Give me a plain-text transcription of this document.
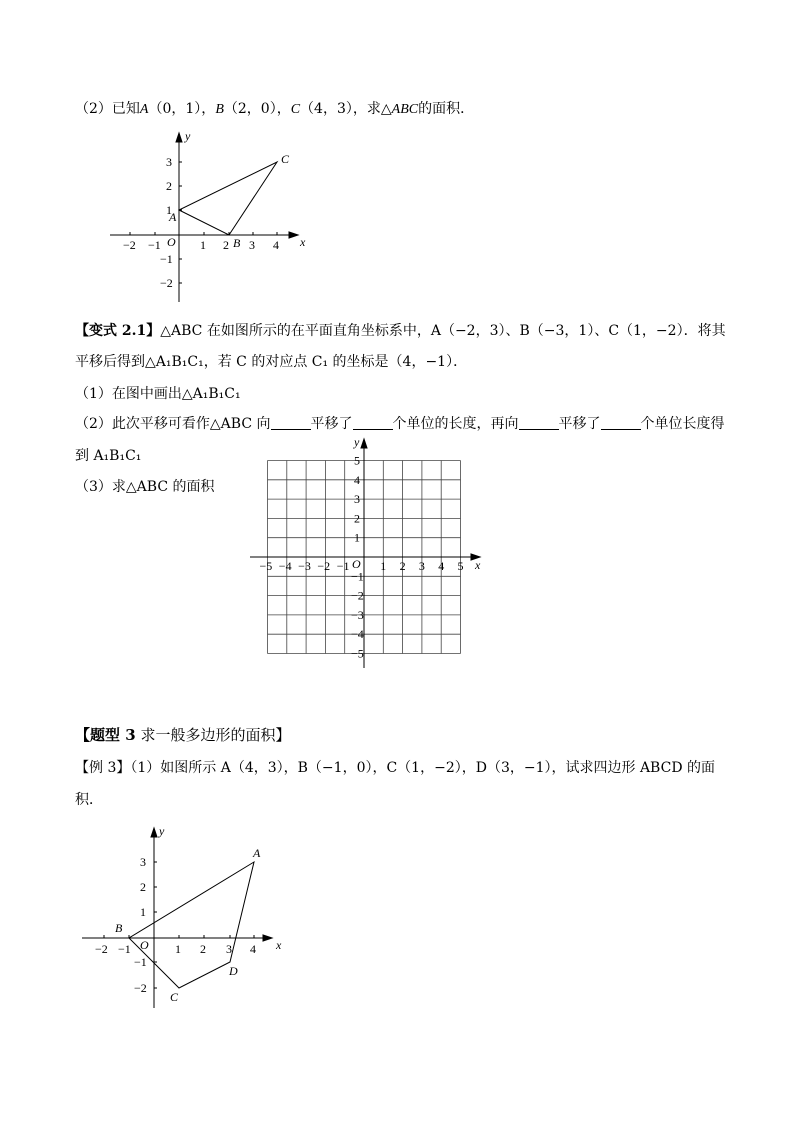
（2）已知A（0，1），B（2，0），C（4，3），求△ABC的面积．
y
x
O
−2 −1	1 2 3 4
3
2
1
−1
−2
A
B
C
【变式 2.1】△ABC 在如图所示的在平面直角坐标系中，A（−2，3）、B（−3，1）、C（1，−2）．将其
平移后得到△A₁B₁C₁，若 C 的对应点 C₁ 的坐标是（4，−1）．
（1）在图中画出△A₁B₁C₁
（2）此次平移可看作△ABC 向	平移了	个单位的长度，再向	平移了	个单位长度得
到 A₁B₁C₁
（3）求△ABC 的面积
y
x
O
−5 −4 −3 −2 −1	1 2 3 4 5
5
4
3
2
1
−1
−2
−3
−4
−5
【题型 3 求一般多边形的面积】
【例 3】（1）如图所示 A（4，3），B（−1，0），C（1，−2），D（3，−1），试求四边形 ABCD 的面
积．
y
x
O
−2 −1	1 2 3 4
3
2
1
−1
−2
A
B
C
D
